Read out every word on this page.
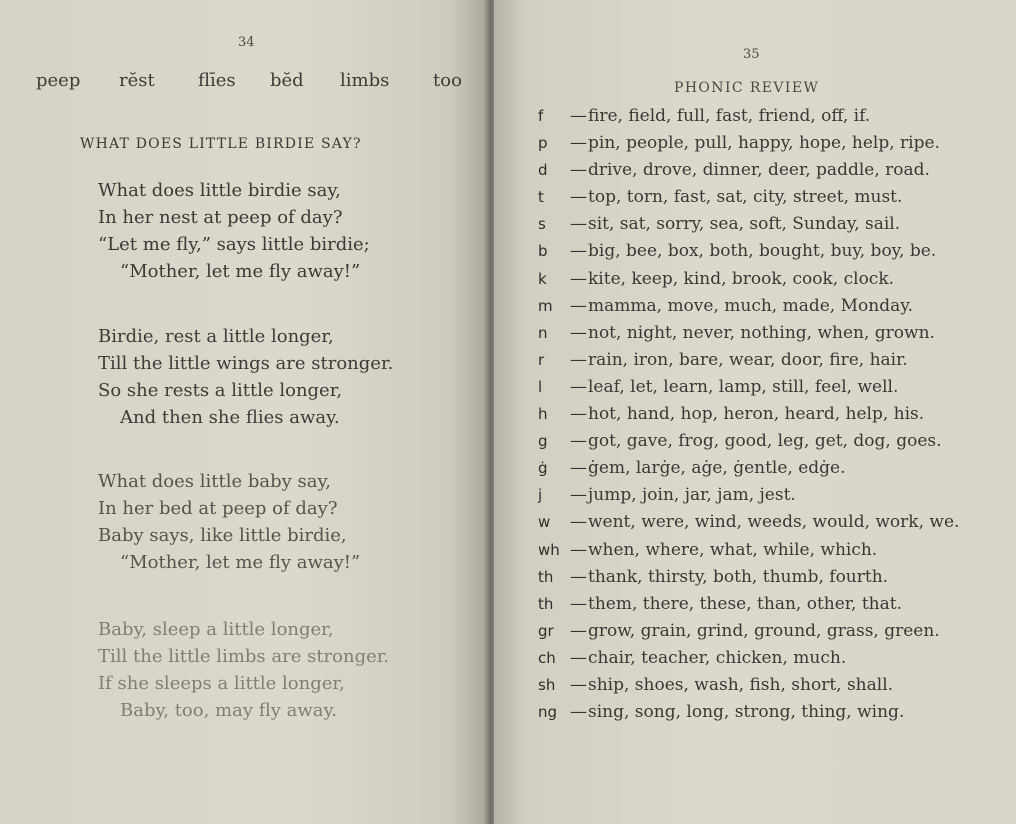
34
peep rĕst flīes bĕd limbs too
WHAT DOES LITTLE BIRDIE SAY?
What does little birdie say,
In her nest at peep of day?
“Let me fly,” says little birdie;
“Mother, let me fly away!”
Birdie, rest a little longer,
Till the little wings are stronger.
So she rests a little longer,
And then she flies away.
What does little baby say,
In her bed at peep of day?
Baby says, like little birdie,
“Mother, let me fly away!”
Baby, sleep a little longer,
Till the little limbs are stronger.
If she sleeps a little longer,
Baby, too, may fly away.
35
PHONIC REVIEW
f	— fire, field, full, fast, friend, off, if.
p	— pin, people, pull, happy, hope, help, ripe.
d	— drive, drove, dinner, deer, paddle, road.
t	— top, torn, fast, sat, city, street, must.
s	— sit, sat, sorry, sea, soft, Sunday, sail.
b	— big, bee, box, both, bought, buy, boy, be.
k	— kite, keep, kind, brook, cook, clock.
m	— mamma, move, much, made, Monday.
n	— not, night, never, nothing, when, grown.
r	— rain, iron, bare, wear, door, fire, hair.
l	— leaf, let, learn, lamp, still, feel, well.
h	— hot, hand, hop, heron, heard, help, his.
g	— got, gave, frog, good, leg, get, dog, goes.
ġ	— ġem, larġe, aġe, ġentle, edġe.
j	— jump, join, jar, jam, jest.
w	— went, were, wind, weeds, would, work, we.
wh — when, where, what, while, which.
th — thank, thirsty, both, thumb, fourth.
th — them, there, these, than, other, that.
gr — grow, grain, grind, ground, grass, green.
ch — chair, teacher, chicken, much.
sh — ship, shoes, wash, fish, short, shall.
ng — sing, song, long, strong, thing, wing.
